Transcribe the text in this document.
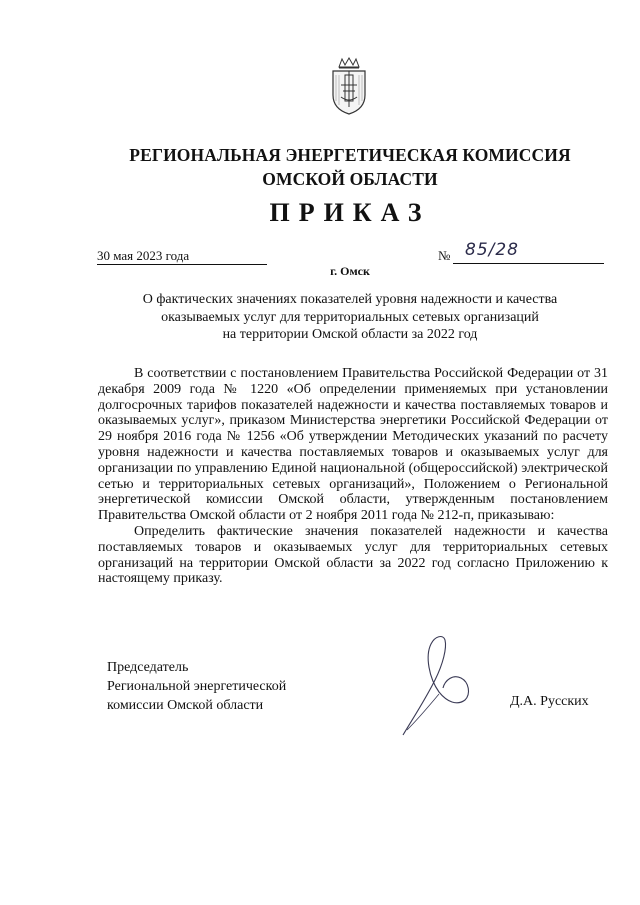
РЕГИОНАЛЬНАЯ ЭНЕРГЕТИЧЕСКАЯ КОМИССИЯ
ОМСКОЙ ОБЛАСТИ
ПРИКАЗ
30 мая 2023 года	№ 85/28
г. Омск
О фактических значениях показателей уровня надежности и качества
оказываемых услуг для территориальных сетевых организаций
на территории Омской области за 2022 год

В соответствии с постановлением Правительства Российской Федерации от 31 декабря 2009 года № 1220 «Об определении применяемых при установлении долгосрочных тарифов показателей надежности и качества поставляемых товаров и оказываемых услуг», приказом Министерства энергетики Российской Федерации от 29 ноября 2016 года № 1256 «Об утверждении Методических указаний по расчету уровня надежности и качества поставляемых товаров и оказываемых услуг для организации по управлению Единой национальной (общероссийской) электрической сетью и территориальных сетевых организаций», Положением о Региональной энергетической комиссии Омской области, утвержденным постановлением Правительства Омской области от 2 ноября 2011 года № 212-п, приказываю:

Определить фактические значения показателей надежности и качества поставляемых товаров и оказываемых услуг для территориальных сетевых организаций на территории Омской области за 2022 год согласно Приложению к настоящему приказу.

Председатель
Региональной энергетической
комиссии Омской области	Д.А. Русских
